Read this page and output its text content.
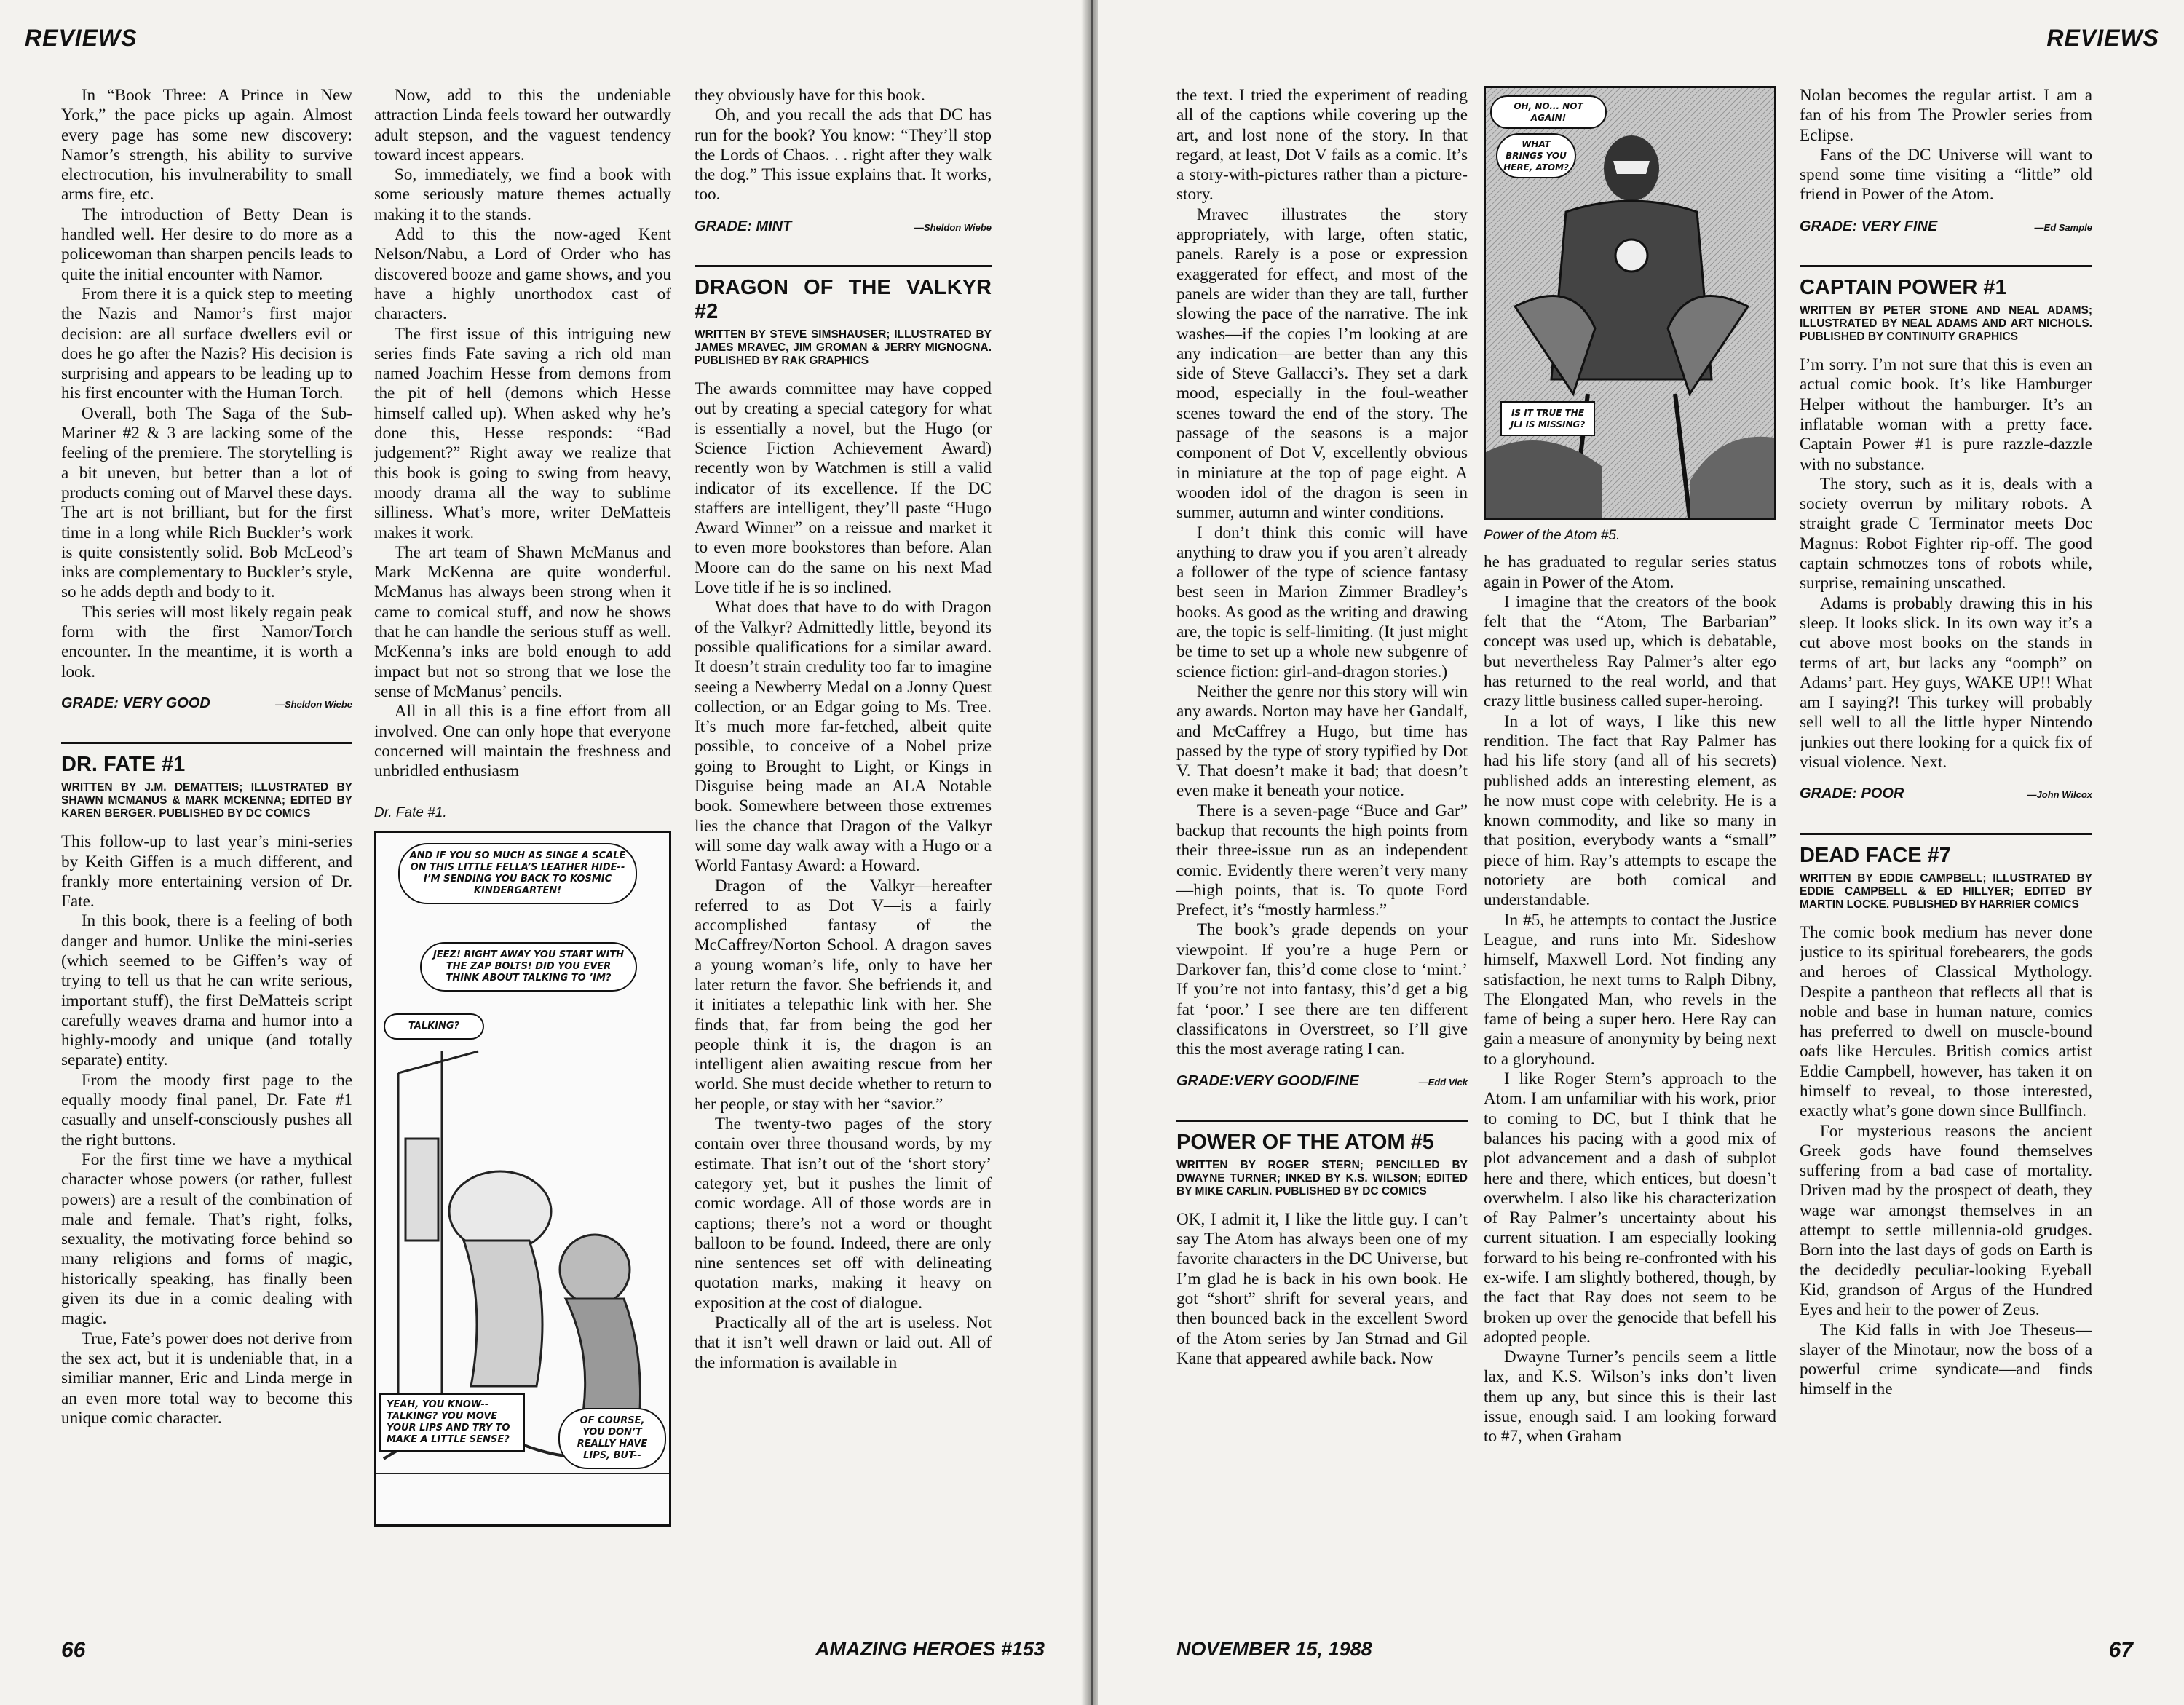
REVIEWS

In “Book Three: A Prince in New York,” the pace picks up again. Almost every page has some new discovery: Namor’s strength, his ability to survive electrocution, his invulnerability to small arms fire, etc.

The introduction of Betty Dean is handled well. Her desire to do more as a policewoman than sharpen pencils leads to quite the initial encounter with Namor.

From there it is a quick step to meeting the Nazis and Namor’s first major decision: are all surface dwellers evil or does he go after the Nazis? His decision is surprising and appears to be leading up to his first encounter with the Human Torch.

Overall, both The Saga of the Sub-Mariner #2 & 3 are lacking some of the feeling of the premiere. The storytelling is a bit uneven, but better than a lot of products coming out of Marvel these days. The art is not brilliant, but for the first time in a long while Rich Buckler’s work is quite consistently solid. Bob McLeod’s inks are complementary to Buckler’s style, so he adds depth and body to it.

This series will most likely regain peak form with the first Namor/Torch encounter. In the meantime, it is worth a look.

GRADE: VERY GOOD	—Sheldon Wiebe
DR. FATE #1
WRITTEN BY J.M. DEMATTEIS; ILLUSTRATED BY SHAWN MCMANUS & MARK MCKENNA; EDITED BY KAREN BERGER. PUBLISHED BY DC COMICS

This follow-up to last year’s mini-series by Keith Giffen is a much different, and frankly more entertaining version of Dr. Fate.

In this book, there is a feeling of both danger and humor. Unlike the mini-series (which seemed to be Giffen’s way of trying to tell us that he can write serious, important stuff), the first DeMatteis script carefully weaves drama and humor into a highly-moody and unique (and totally separate) entity.

From the moody first page to the equally moody final panel, Dr. Fate #1 casually and unself-consciously pushes all the right buttons.

For the first time we have a mythical character whose powers (or rather, fullest powers) are a result of the combination of male and female. That’s right, folks, sexuality, the motivating force behind so many religions and forms of magic, historically speaking, has finally been given its due in a comic dealing with magic.

True, Fate’s power does not derive from the sex act, but it is undeniable that, in a similiar manner, Eric and Linda merge in an even more total way to become this unique comic character.

Now, add to this the undeniable attraction Linda feels toward her outwardly adult stepson, and the vaguest tendency toward incest appears.

So, immediately, we find a book with some seriously mature themes actually making it to the stands.

Add to this the now-aged Kent Nelson/Nabu, a Lord of Order who has discovered booze and game shows, and you have a highly unorthodox cast of characters.

The first issue of this intriguing new series finds Fate saving a rich old man named Joachim Hesse from demons from the pit of hell (demons which Hesse himself called up). When asked why he’s done this, Hesse responds: “Bad judgement?” Right away we realize that this book is going to swing from heavy, moody drama all the way to sublime silliness. What’s more, writer DeMatteis makes it work.

The art team of Shawn McManus and Mark McKenna are quite wonderful. McManus has always been strong when it came to comical stuff, and now he shows that he can handle the serious stuff as well. McKenna’s inks are bold enough to add impact but not so strong that we lose the sense of McManus’ pencils.

All in all this is a fine effort from all involved. One can only hope that everyone concerned will maintain the freshness and unbridled enthusiasm

Dr. Fate #1.
AND IF YOU SO MUCH AS SINGE A SCALE ON THIS LITTLE FELLA’S LEATHER HIDE-- I’M SENDING YOU BACK TO KOSMIC KINDERGARTEN!
JEEZ! RIGHT AWAY YOU START WITH THE ZAP BOLTS! DID YOU EVER THINK ABOUT TALKING TO ’IM?
TALKING?
YEAH, YOU KNOW-- TALKING? YOU MOVE YOUR LIPS AND TRY TO MAKE A LITTLE SENSE?
OF COURSE, YOU DON’T REALLY HAVE LIPS, BUT--

they obviously have for this book.

Oh, and you recall the ads that DC has run for the book? You know: “They’ll stop the Lords of Chaos. . . right after they walk the dog.” This issue explains that. It works, too.

GRADE: MINT	—Sheldon Wiebe
DRAGON OF THE VALKYR #2
WRITTEN BY STEVE SIMSHAUSER; ILLUSTRATED BY JAMES MRAVEC, JIM GROMAN & JERRY MIGNOGNA. PUBLISHED BY RAK GRAPHICS

The awards committee may have copped out by creating a special category for what is essentially a novel, but the Hugo (or Science Fiction Achievement Award) recently won by Watchmen is still a valid indicator of its excellence. If the DC staffers are intelligent, they’ll paste “Hugo Award Winner” on a reissue and market it to even more bookstores than before. Alan Moore can do the same on his next Mad Love title if he is so inclined.

What does that have to do with Dragon of the Valkyr? Admittedly little, beyond its possible qualifications for a similar award. It doesn’t strain credulity too far to imagine seeing a Newberry Medal on a Jonny Quest collection, or an Edgar going to Ms. Tree. It’s much more far-fetched, albeit quite possible, to conceive of a Nobel prize going to Brought to Light, or Kings in Disguise being made an ALA Notable book. Somewhere between those extremes lies the chance that Dragon of the Valkyr will some day walk away with a Hugo or a World Fantasy Award: a Howard.

Dragon of the Valkyr—hereafter referred to as Dot V—is a fairly accomplished fantasy of the McCaffrey/Norton School. A dragon saves a young woman’s life, only to have her later return the favor. She befriends it, and it initiates a telepathic link with her. She finds that, far from being the god her people think it is, the dragon is an intelligent alien awaiting rescue from her world. She must decide whether to return to her people, or stay with her “savior.”

The twenty-two pages of the story contain over three thousand words, by my estimate. That isn’t out of the ‘short story’ category yet, but it pushes the limit of comic wordage. All of those words are in captions; there’s not a word or thought balloon to be found. Indeed, there are only nine sentences set off with delineating quotation marks, making it heavy on exposition at the cost of dialogue.

Practically all of the art is useless. Not that it isn’t well drawn or laid out. All of the information is available in

66	AMAZING HEROES #153
REVIEWS

the text. I tried the experiment of reading all of the captions while covering up the art, and lost none of the story. In that regard, at least, Dot V fails as a comic. It’s a story-with-pictures rather than a picture-story.

Mravec illustrates the story appropriately, with large, often static, panels. Rarely is a pose or expression exaggerated for effect, and most of the panels are wider than they are tall, further slowing the pace of the narrative. The ink washes—if the copies I’m looking at are any indication—are better than any this side of Steve Gallacci’s. They set a dark mood, especially in the foul-weather scenes toward the end of the story. The passage of the seasons is a major component of Dot V, excellently obvious in miniature at the top of page eight. A wooden idol of the dragon is seen in summer, autumn and winter conditions.

I don’t think this comic will have anything to draw you if you aren’t already a follower of the type of science fantasy best seen in Marion Zimmer Bradley’s books. As good as the writing and drawing are, the topic is self-limiting. (It just might be time to set up a whole new subgenre of science fiction: girl-and-dragon stories.)

Neither the genre nor this story will win any awards. Norton may have her Gandalf, and McCaffrey a Hugo, but time has passed by the type of story typified by Dot V. That doesn’t make it bad; that doesn’t even make it beneath your notice.

There is a seven-page “Buce and Gar” backup that recounts the high points from their three-issue run as an independent comic. Evidently there weren’t very many—high points, that is. To quote Ford Prefect, it’s “mostly harmless.”

The book’s grade depends on your viewpoint. If you’re a huge Pern or Darkover fan, this’d come close to ‘mint.’ If you’re not into fantasy, this’d get a big fat ‘poor.’ I see there are ten different classificatons in Overstreet, so I’ll give this the most average rating I can.

GRADE:VERY GOOD/FINE	—Edd Vick
POWER OF THE ATOM #5
WRITTEN BY ROGER STERN; PENCILLED BY DWAYNE TURNER; INKED BY K.S. WILSON; EDITED BY MIKE CARLIN. PUBLISHED BY DC COMICS

OK, I admit it, I like the little guy. I can’t say The Atom has always been one of my favorite characters in the DC Universe, but I’m glad he is back in his own book. He got “short” shrift for several years, and then bounced back in the excellent Sword of the Atom series by Jan Strnad and Gil Kane that appeared awhile back. Now

OH, NO... NOT AGAIN!
WHAT BRINGS YOU HERE, ATOM?
IS IT TRUE THE JLI IS MISSING?
Power of the Atom #5.

he has graduated to regular series status again in Power of the Atom.

I imagine that the creators of the book felt that the “Atom, The Barbarian” concept was used up, which is debatable, but nevertheless Ray Palmer’s alter ego has returned to the real world, and that crazy little business called super-heroing.

In a lot of ways, I like this new rendition. The fact that Ray Palmer has had his life story (and all of his secrets) published adds an interesting element, as he now must cope with celebrity. He is a known commodity, and like so many in that position, everybody wants a “small” piece of him. Ray’s attempts to escape the notoriety are both comical and understandable.

In #5, he attempts to contact the Justice League, and runs into Mr. Sideshow himself, Maxwell Lord. Not finding any satisfaction, he next turns to Ralph Dibny, The Elongated Man, who revels in the fame of being a super hero. Here Ray can gain a measure of anonymity by being next to a gloryhound.

I like Roger Stern’s approach to the Atom. I am unfamiliar with his work, prior to coming to DC, but I think that he balances his pacing with a good mix of plot advancement and a dash of subplot here and there, which entices, but doesn’t overwhelm. I also like his characterization of Ray Palmer’s uncertainty about his current situation. I am especially looking forward to his being re-confronted with his ex-wife. I am slightly bothered, though, by the fact that Ray does not seem to be broken up over the genocide that befell his adopted people.

Dwayne Turner’s pencils seem a little lax, and K.S. Wilson’s inks don’t liven them up any, but since this is their last issue, enough said. I am looking forward to #7, when Graham

Nolan becomes the regular artist. I am a fan of his from The Prowler series from Eclipse.

Fans of the DC Universe will want to spend some time visiting a “little” old friend in Power of the Atom.

GRADE: VERY FINE	—Ed Sample
CAPTAIN POWER #1
WRITTEN BY PETER STONE AND NEAL ADAMS; ILLUSTRATED BY NEAL ADAMS AND ART NICHOLS. PUBLISHED BY CONTINUITY GRAPHICS

I’m sorry. I’m not sure that this is even an actual comic book. It’s like Hamburger Helper without the hamburger. It’s an inflatable woman with a pretty face. Captain Power #1 is pure razzle-dazzle with no substance.

The story, such as it is, deals with a society overrun by military robots. A straight grade C Terminator meets Doc Magnus: Robot Fighter rip-off. The good captain schmotzes tons of robots while, surprise, remaining unscathed.

Adams is probably drawing this in his sleep. It looks slick. In its own way it’s a cut above most books on the stands in terms of art, but lacks any “oomph” on Adams’ part. Hey guys, WAKE UP!! What am I saying?! This turkey will probably sell well to all the little hyper Nintendo junkies out there looking for a quick fix of visual violence. Next.

GRADE: POOR	—John Wilcox
DEAD FACE #7
WRITTEN BY EDDIE CAMPBELL; ILLUSTRATED BY EDDIE CAMPBELL & ED HILLYER; EDITED BY MARTIN LOCKE. PUBLISHED BY HARRIER COMICS

The comic book medium has never done justice to its spiritual forebearers, the gods and heroes of Classical Mythology. Despite a pantheon that reflects all that is noble and base in human nature, comics has preferred to dwell on muscle-bound oafs like Hercules. British comics artist Eddie Campbell, however, has taken it on himself to reveal, to those interested, exactly what’s gone down since Bullfinch.

For mysterious reasons the ancient Greek gods have found themselves suffering from a bad case of mortality. Driven mad by the prospect of death, they wage war amongst themselves in an attempt to settle millennia-old grudges. Born into the last days of gods on Earth is the decidedly peculiar-looking Eyeball Kid, grandson of Argus of the Hundred Eyes and heir to the power of Zeus.

The Kid falls in with Joe Theseus—slayer of the Minotaur, now the boss of a powerful crime syndicate—and finds himself in the

NOVEMBER 15, 1988	67
